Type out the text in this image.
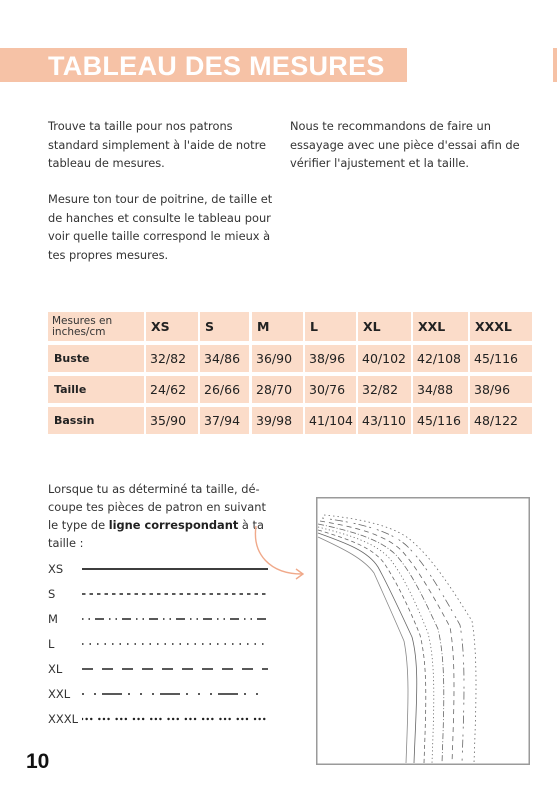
TABLEAU DES MESURES
Trouve ta taille pour nos patrons standard simplement à l'aide de notre tableau de mesures.
Mesure ton tour de poitrine, de taille et de hanches et consulte le tableau pour voir quelle taille correspond le mieux à tes propres mesures.
Nous te recommandons de faire un essayage avec une pièce d'essai afin de vérifier l'ajustement et la taille.
Mesures en inches/cm	XS	S	M	L	XL	XXL	XXXL
Buste	32/82	34/86	36/90	38/96	40/102 42/108	45/116
Taille	24/62	26/66	28/70	30/76	32/82	34/88	38/96
Bassin	35/90	37/94	39/98	41/104 43/110 45/116	48/122
Lorsque tu as déterminé ta taille, découpe tes pièces de patron en suivant le type de ligne correspondant à ta taille :
XS
S
M
L
XL
XXL
XXXL
10
